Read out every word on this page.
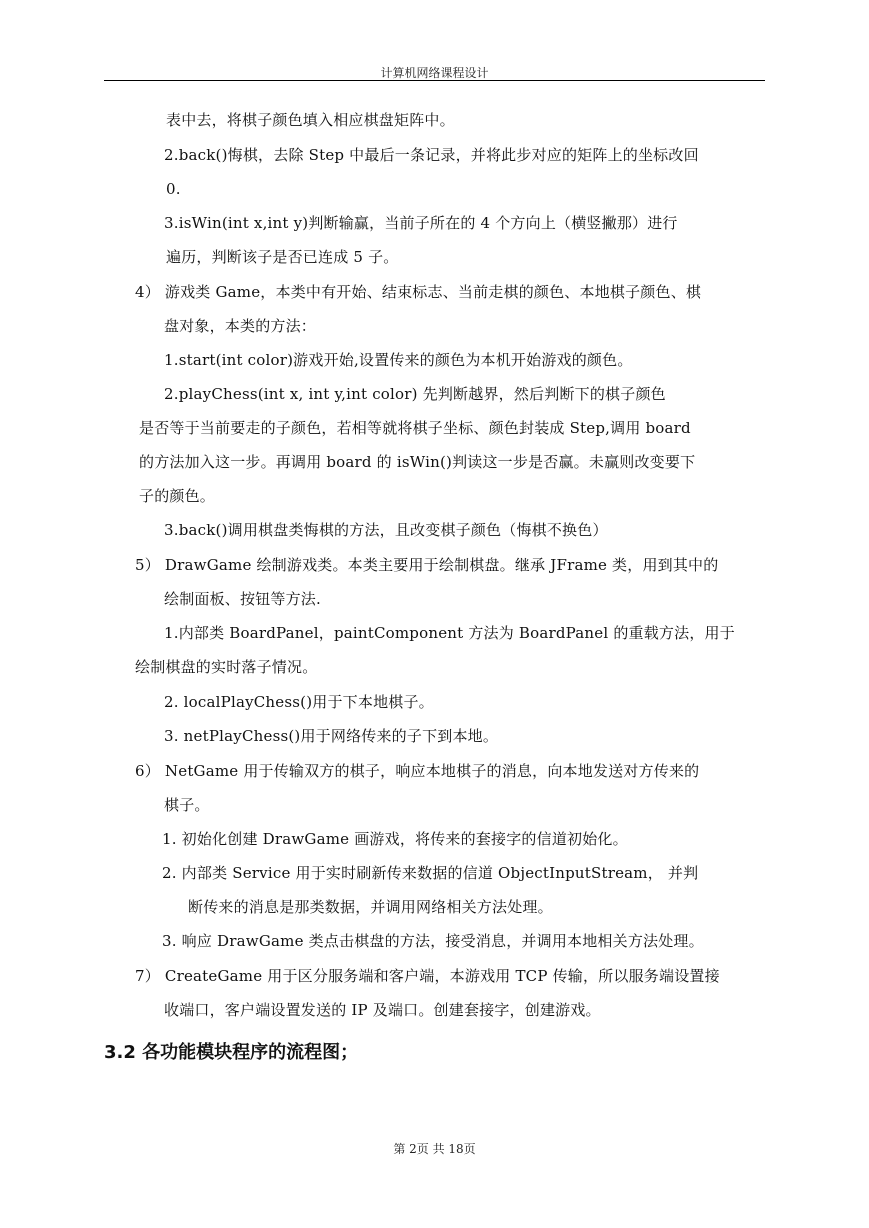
计算机网络课程设计
表中去，将棋子颜色填入相应棋盘矩阵中。
2.back()悔棋，去除 Step 中最后一条记录，并将此步对应的矩阵上的坐标改回
0.
3.isWin(int x,int y)判断输赢，当前子所在的 4 个方向上（横竖撇那）进行
遍历，判断该子是否已连成 5 子。
4） 游戏类 Game，本类中有开始、结束标志、当前走棋的颜色、本地棋子颜色、棋
盘对象，本类的方法：
1.start(int color)游戏开始,设置传来的颜色为本机开始游戏的颜色。
2.playChess(int x, int y,int color) 先判断越界，然后判断下的棋子颜色
是否等于当前要走的子颜色，若相等就将棋子坐标、颜色封装成 Step,调用 board
的方法加入这一步。再调用 board 的 isWin()判读这一步是否赢。未赢则改变要下
子的颜色。
3.back()调用棋盘类悔棋的方法，且改变棋子颜色（悔棋不换色）
5） DrawGame 绘制游戏类。本类主要用于绘制棋盘。继承 JFrame 类，用到其中的
绘制面板、按钮等方法.
1.内部类 BoardPanel，paintComponent 方法为 BoardPanel 的重载方法，用于
绘制棋盘的实时落子情况。
2. localPlayChess()用于下本地棋子。
3. netPlayChess()用于网络传来的子下到本地。
6） NetGame 用于传输双方的棋子，响应本地棋子的消息，向本地发送对方传来的
棋子。
1. 初始化创建 DrawGame 画游戏，将传来的套接字的信道初始化。
2. 内部类 Service 用于实时刷新传来数据的信道 ObjectInputStream， 并判
断传来的消息是那类数据，并调用网络相关方法处理。
3. 响应 DrawGame 类点击棋盘的方法，接受消息，并调用本地相关方法处理。
7） CreateGame 用于区分服务端和客户端，本游戏用 TCP 传输，所以服务端设置接
收端口，客户端设置发送的 IP 及端口。创建套接字，创建游戏。
3.2 各功能模块程序的流程图；
第 2页 共 18页
